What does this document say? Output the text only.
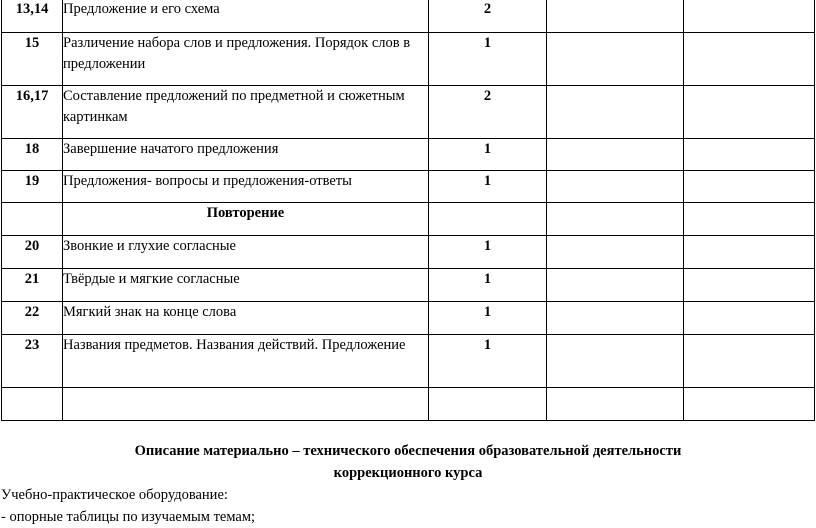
13,14	Предложение и его схема	2		
15	Различение набора слов и предложения. Порядок слов в предложении	1		
16,17	Составление предложений по предметной и сюжетным картинкам	2		
18	Завершение начатого предложения	1		
19	Предложения- вопросы и предложения-ответы	1		
	Повторение			
20	Звонкие и глухие согласные	1		
21	Твёрдые и мягкие согласные	1		
22	Мягкий знак на конце слова	1		
23	Названия предметов. Названия действий. Предложение	1		

Описание материально – технического обеспечения образовательной деятельности
коррекционного курса
Учебно-практическое оборудование:
- опорные таблицы по изучаемым темам;
